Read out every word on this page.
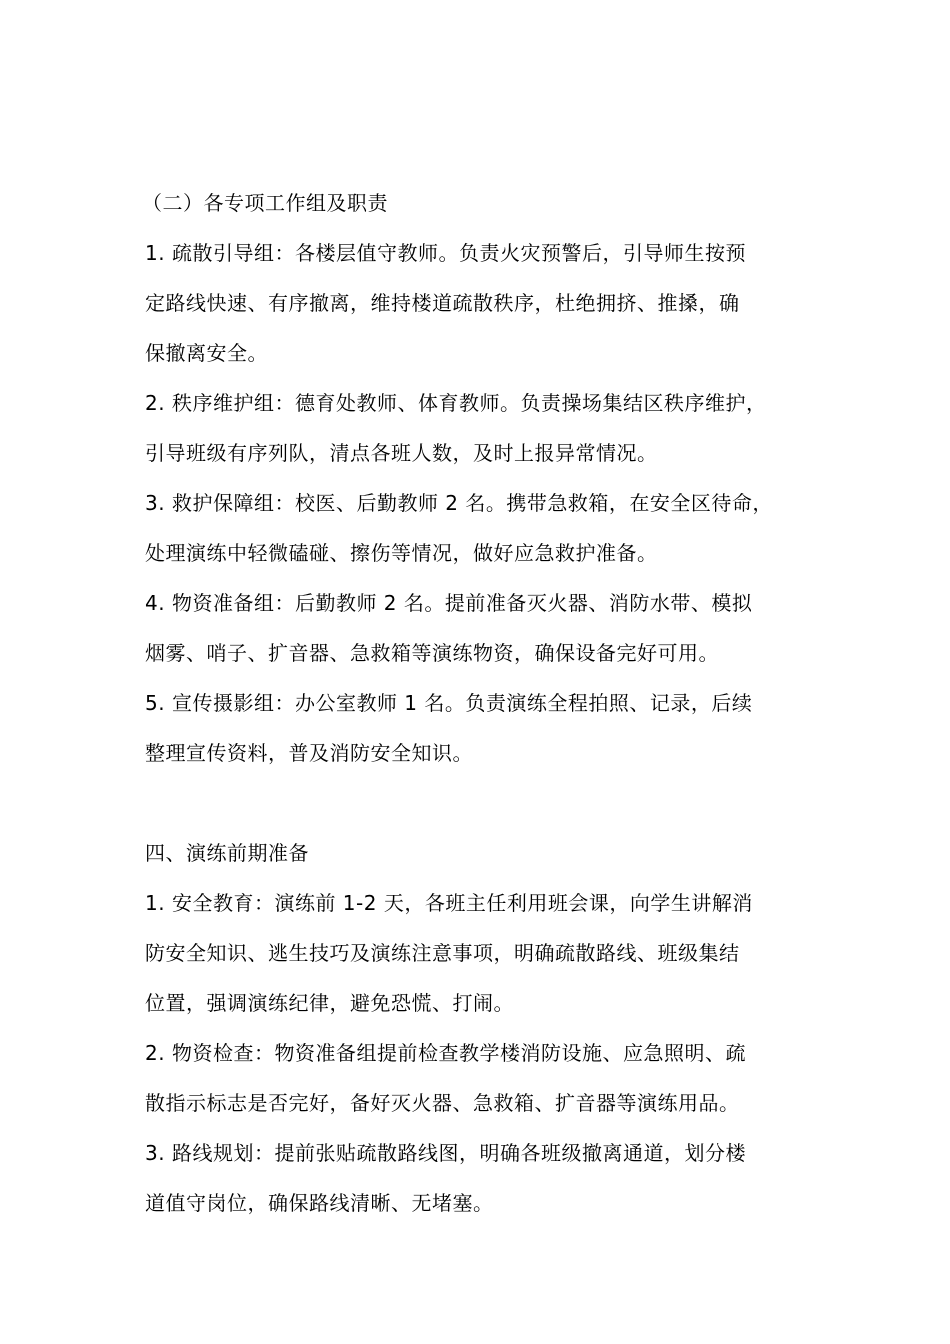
（二）各专项工作组及职责
1. 疏散引导组：各楼层值守教师。负责火灾预警后，引导师生按预
定路线快速、有序撤离，维持楼道疏散秩序，杜绝拥挤、推搡，确
保撤离安全。
2. 秩序维护组：德育处教师、体育教师。负责操场集结区秩序维护，
引导班级有序列队，清点各班人数，及时上报异常情况。
3. 救护保障组：校医、后勤教师 2 名。携带急救箱，在安全区待命，
处理演练中轻微磕碰、擦伤等情况，做好应急救护准备。
4. 物资准备组：后勤教师 2 名。提前准备灭火器、消防水带、模拟
烟雾、哨子、扩音器、急救箱等演练物资，确保设备完好可用。
5. 宣传摄影组：办公室教师 1 名。负责演练全程拍照、记录，后续
整理宣传资料，普及消防安全知识。
四、演练前期准备
1. 安全教育：演练前 1-2 天，各班主任利用班会课，向学生讲解消
防安全知识、逃生技巧及演练注意事项，明确疏散路线、班级集结
位置，强调演练纪律，避免恐慌、打闹。
2. 物资检查：物资准备组提前检查教学楼消防设施、应急照明、疏
散指示标志是否完好，备好灭火器、急救箱、扩音器等演练用品。
3. 路线规划：提前张贴疏散路线图，明确各班级撤离通道，划分楼
道值守岗位，确保路线清晰、无堵塞。
